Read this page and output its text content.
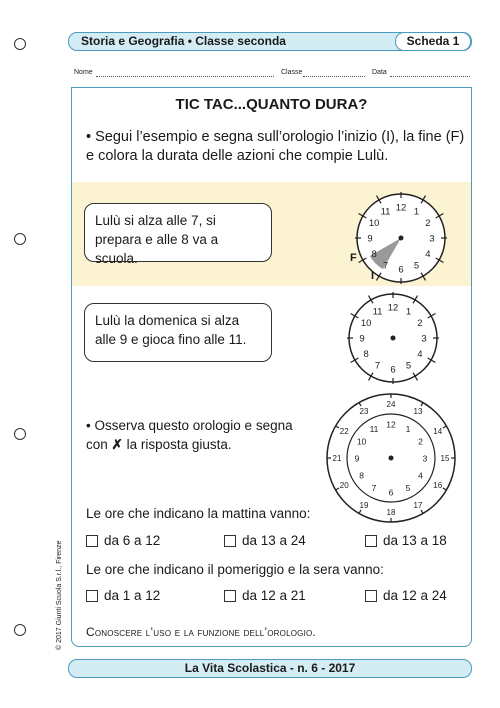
Storia e Geografia • Classe seconda	Scheda 1
Nome	Classe	Data
TIC TAC...QUANTO DURA?
• Segui l’esempio e segna sull’orologio l’inizio (I), la fine (F) e colora la durata delle azioni che compie Lulù.
Lulù si alza alle 7, si prepara e alle 8 va a scuola.
1
2
3
4
5
6
7
8
9
10
11 12
F
I
Lulù la domenica si alza alle 9 e gioca fino alle 11.
1
2
3
4
5
6
7
8
9
10
11 12
• Osserva questo orologio e segna con ✗ la risposta giusta.
1
2
3
4
5
6
7
8
9
10
11 12
13
14
15
16
17
18
19
20
21
22
23
24
Le ore che indicano la mattina vanno:
da 6 a 12	da 13 a 24	da 13 a 18
Le ore che indicano il pomeriggio e la sera vanno:
da 1 a 12	da 12 a 21	da 12 a 24
Conoscere l’uso e la funzione dell’orologio.
© 2017 Giunti Scuola S.r.l., Firenze
La Vita Scolastica - n. 6 - 2017
